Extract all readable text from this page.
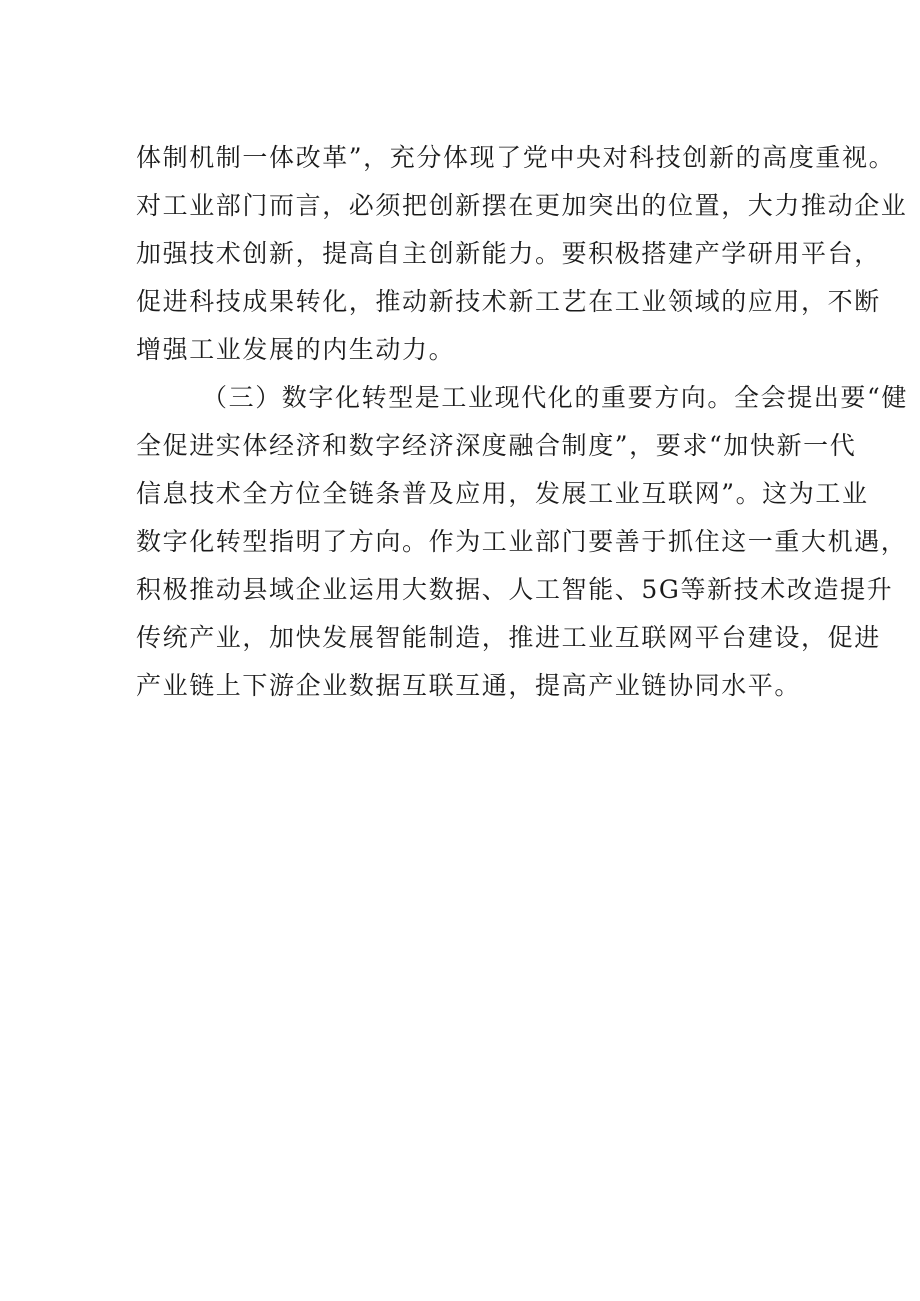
体制机制一体改革”，充分体现了党中央对科技创新的高度重视。
对工业部门而言，必须把创新摆在更加突出的位置，大力推动企业
加强技术创新，提高自主创新能力。要积极搭建产学研用平台，
促进科技成果转化，推动新技术新工艺在工业领域的应用，不断
增强工业发展的内生动力。

（三）数字化转型是工业现代化的重要方向。全会提出要“健
全促进实体经济和数字经济深度融合制度”，要求“加快新一代
信息技术全方位全链条普及应用，发展工业互联网”。这为工业
数字化转型指明了方向。作为工业部门要善于抓住这一重大机遇，
积极推动县域企业运用大数据、人工智能、5G等新技术改造提升
传统产业，加快发展智能制造，推进工业互联网平台建设，促进
产业链上下游企业数据互联互通，提高产业链协同水平。
